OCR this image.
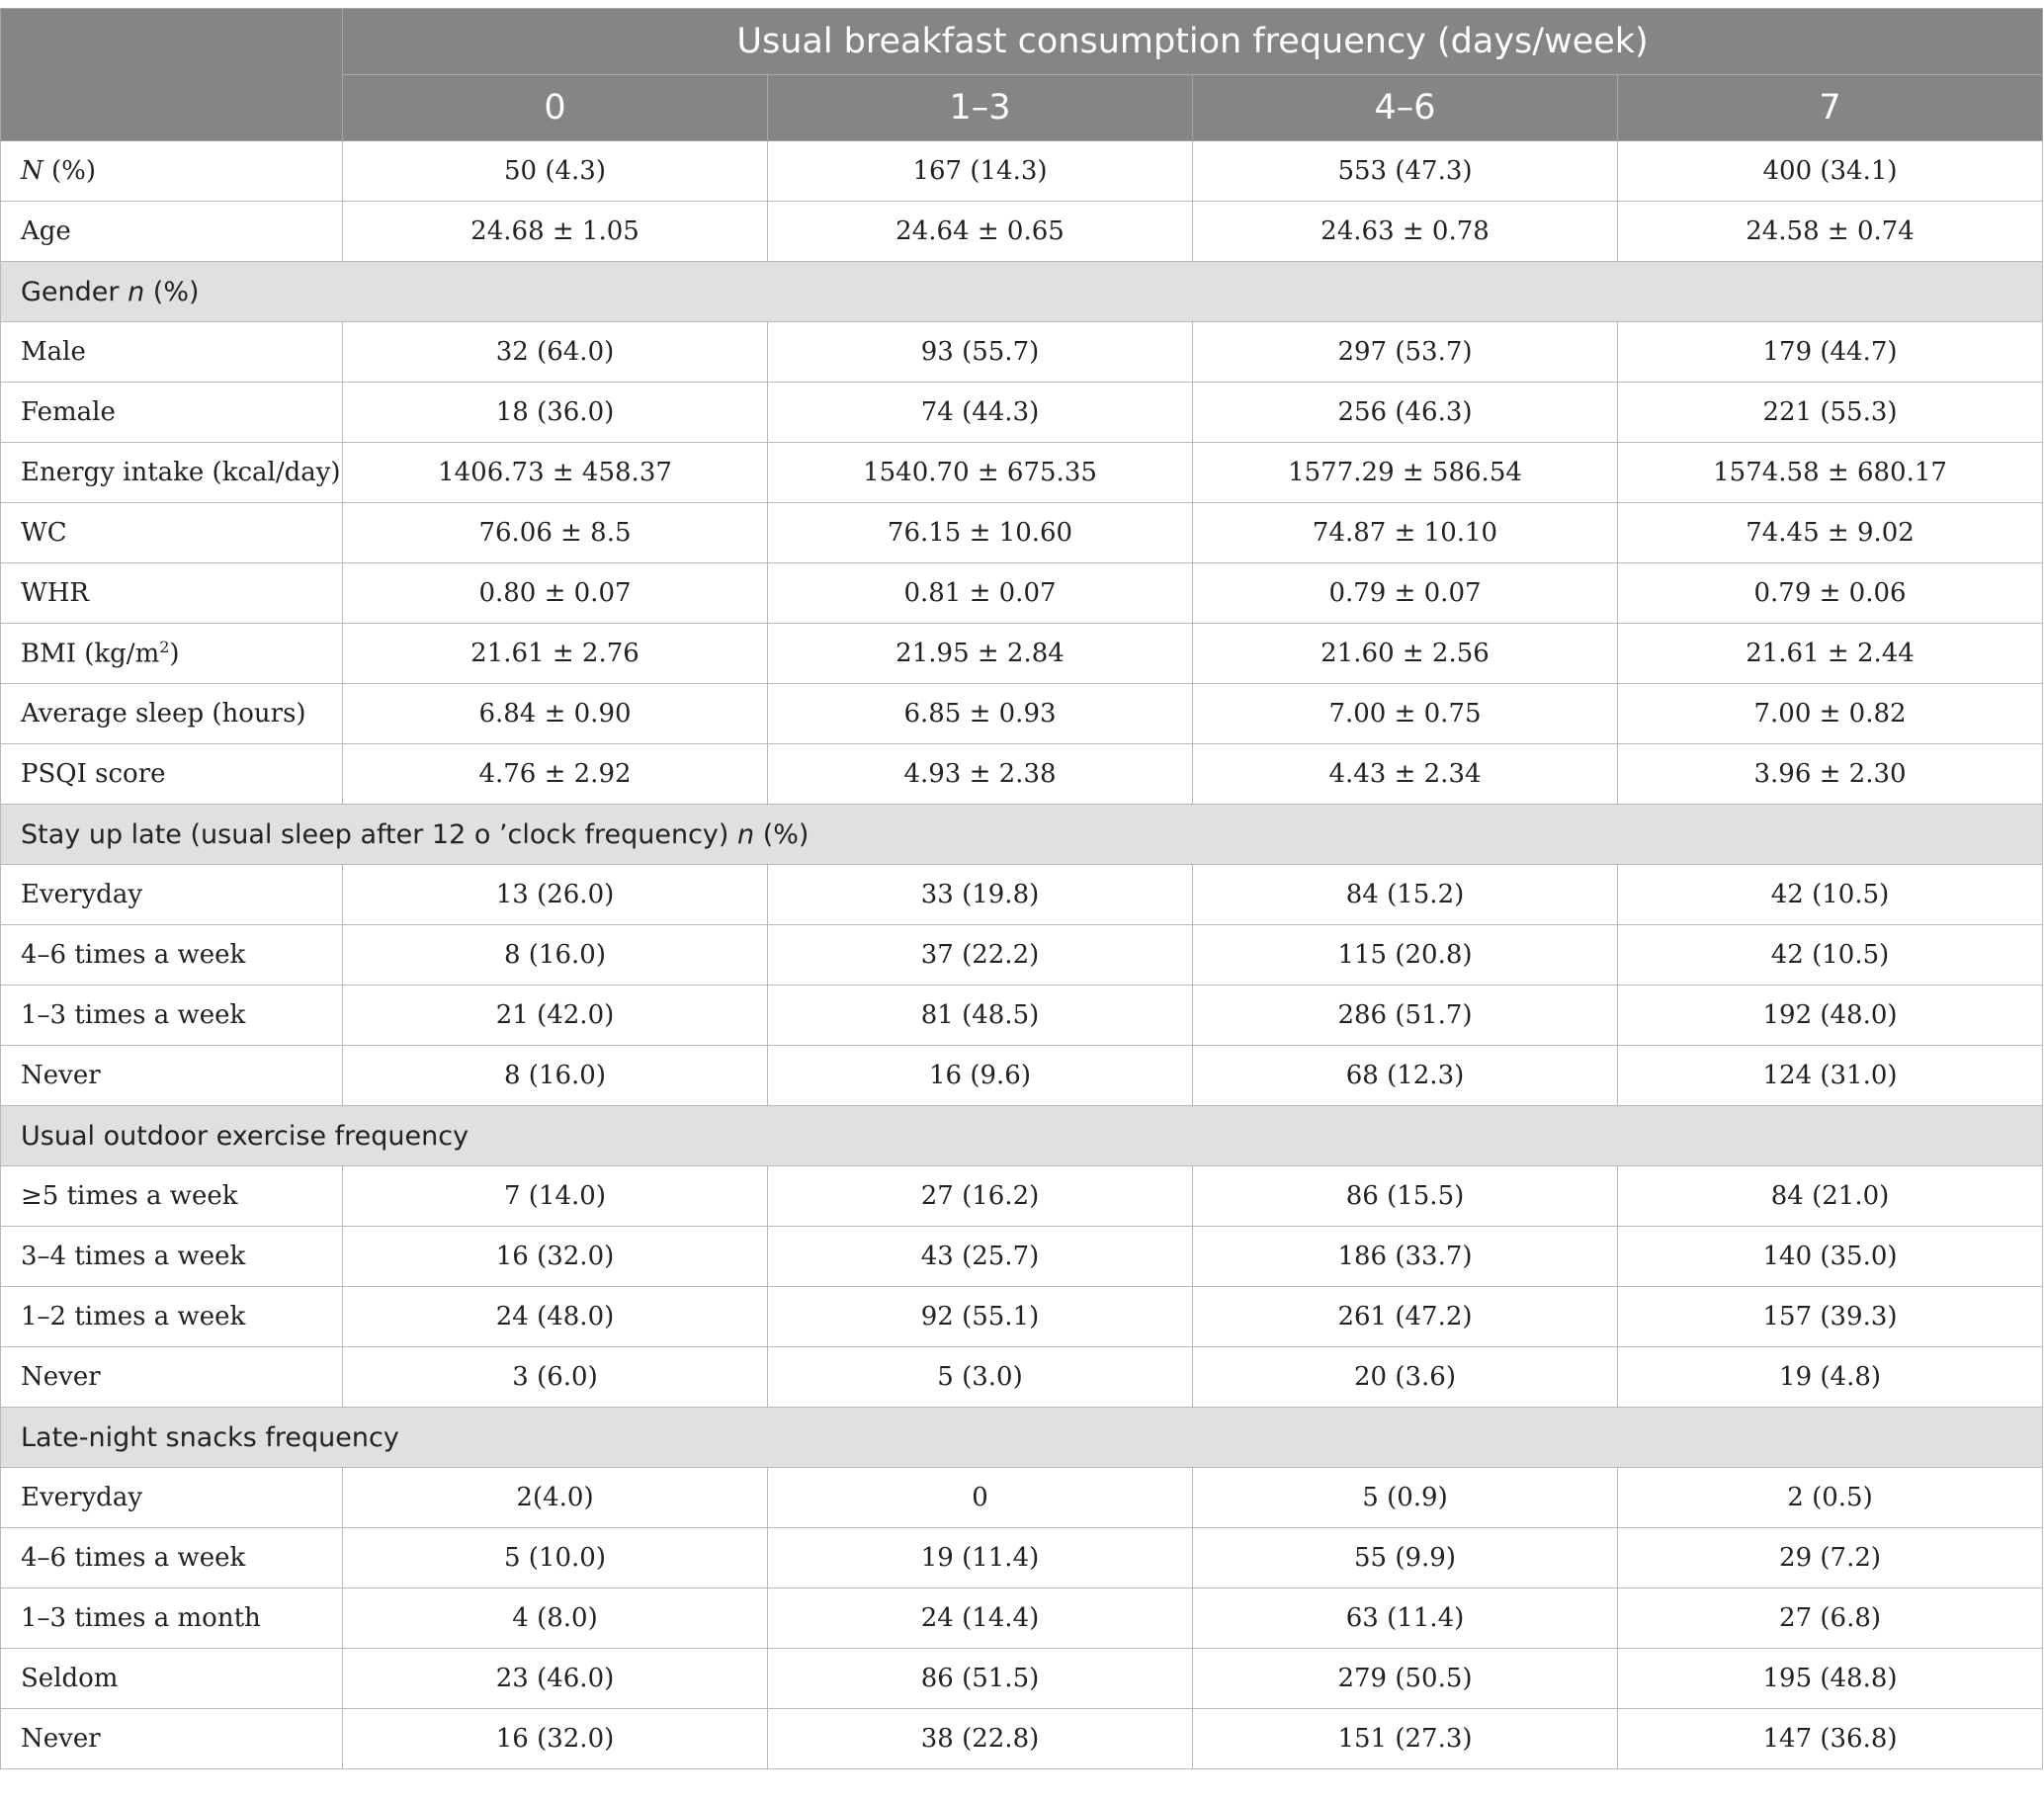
	Usual breakfast consumption frequency (days/week)			
	0	1–3	4–6	7
N (%)	50 (4.3)	167 (14.3)	553 (47.3)	400 (34.1)
Age	24.68 ± 1.05	24.64 ± 0.65	24.63 ± 0.78	24.58 ± 0.74
Gender n (%)				
Male	32 (64.0)	93 (55.7)	297 (53.7)	179 (44.7)
Female	18 (36.0)	74 (44.3)	256 (46.3)	221 (55.3)
Energy intake (kcal/day)	1406.73 ± 458.37	1540.70 ± 675.35	1577.29 ± 586.54	1574.58 ± 680.17
WC	76.06 ± 8.5	76.15 ± 10.60	74.87 ± 10.10	74.45 ± 9.02
WHR	0.80 ± 0.07	0.81 ± 0.07	0.79 ± 0.07	0.79 ± 0.06
BMI $(kg/m^2)$	21.61 ± 2.76	21.95 ± 2.84	21.60 ± 2.56	21.61 ± 2.44
Average sleep (hours)	6.84 ± 0.90	6.85 ± 0.93	7.00 ± 0.75	7.00 ± 0.82
PSQI score	4.76 ± 2.92	4.93 ± 2.38	4.43 ± 2.34	3.96 ± 2.30
Stay up late (usual sleep after 12 o ’clock frequency) n (%)				
Everyday	13 (26.0)	33 (19.8)	84 (15.2)	42 (10.5)
4–6 times a week	8 (16.0)	37 (22.2)	115 (20.8)	42 (10.5)
1–3 times a week	21 (42.0)	81 (48.5)	286 (51.7)	192 (48.0)
Never	8 (16.0)	16 (9.6)	68 (12.3)	124 (31.0)
Usual outdoor exercise frequency				
≥5 times a week	7 (14.0)	27 (16.2)	86 (15.5)	84 (21.0)
3–4 times a week	16 (32.0)	43 (25.7)	186 (33.7)	140 (35.0)
1–2 times a week	24 (48.0)	92 (55.1)	261 (47.2)	157 (39.3)
Never	3 (6.0)	5 (3.0)	20 (3.6)	19 (4.8)
Late-night snacks frequency				
Everyday	2(4.0)	0	5 (0.9)	2 (0.5)
4–6 times a week	5 (10.0)	19 (11.4)	55 (9.9)	29 (7.2)
1–3 times a month	4 (8.0)	24 (14.4)	63 (11.4)	27 (6.8)
Seldom	23 (46.0)	86 (51.5)	279 (50.5)	195 (48.8)
Never	16 (32.0)	38 (22.8)	151 (27.3)	147 (36.8)
